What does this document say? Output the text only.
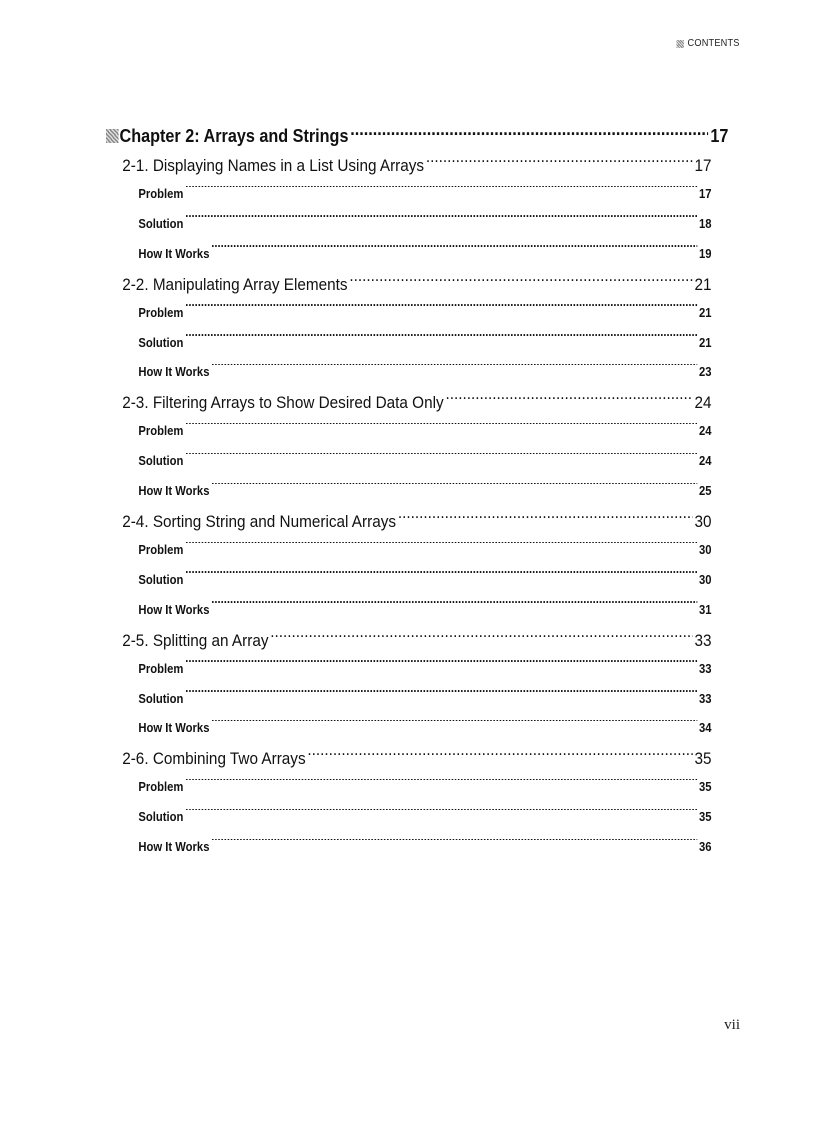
CONTENTS
Chapter 2: Arrays and Strings .....	17
2-1. Displaying Names in a List Using Arrays .....	17
Problem .....	17
Solution .....	18
How It Works .....	19
2-2. Manipulating Array Elements .....	21
Problem .....	21
Solution .....	21
How It Works .....	23
2-3. Filtering Arrays to Show Desired Data Only .....	24
Problem .....	24
Solution .....	24
How It Works .....	25
2-4. Sorting String and Numerical Arrays .....	30
Problem .....	30
Solution .....	30
How It Works .....	31
2-5. Splitting an Array .....	33
Problem .....	33
Solution .....	33
How It Works .....	34
2-6. Combining Two Arrays .....	35
Problem .....	35
Solution .....	35
How It Works .....	36
vii
